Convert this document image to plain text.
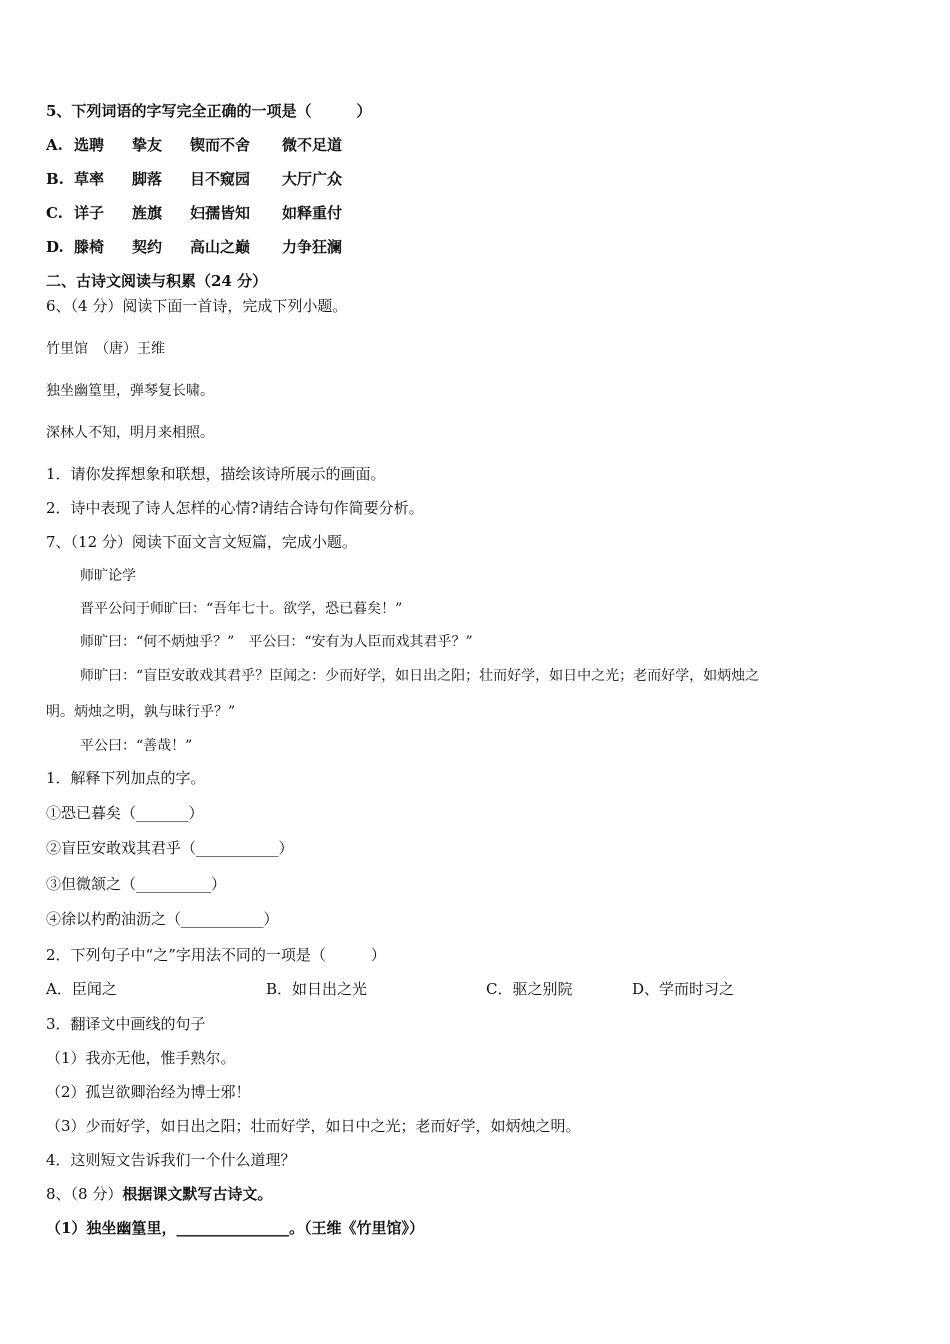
5、下列词语的字写完全正确的一项是（　　　）
A. 选聘	挚友	锲而不舍	微不足道
B. 草率	脚落	目不窥园	大厅广众
C. 详子	旌旗	妇孺皆知	如释重付
D. 滕椅	契约	高山之巅	力争狂澜
二、古诗文阅读与积累（24 分）
6、（4 分）阅读下面一首诗，完成下列小题。
竹里馆　（唐）王维
独坐幽篁里，弹琴复长啸。
深林人不知，明月来相照。
1．请你发挥想象和联想，描绘该诗所展示的画面。
2．诗中表现了诗人怎样的心情?请结合诗句作简要分析。
7、（12 分）阅读下面文言文短篇，完成小题。
师旷论学
晋平公问于师旷曰：“吾年七十。欲学，恐已暮矣！”
师旷曰：“何不炳烛乎？”　平公曰：“安有为人臣而戏其君乎？”
师旷曰：“盲臣安敢戏其君乎？臣闻之：少而好学，如日出之阳；壮而好学，如日中之光；老而好学，如炳烛之
明。炳烛之明，孰与昧行乎？”
平公曰：“善哉！”
1．解释下列加点的字。
①恐已暮矣（_______）
②盲臣安敢戏其君乎（___________）
③但微颔之（__________）
④徐以杓酌油沥之（___________）
2．下列句子中“之”字用法不同的一项是（　　　）
A．臣闻之	B．如日出之光	C．驱之别院	D、学而时习之
3．翻译文中画线的句子
（1）我亦无他，惟手熟尔。
（2）孤岂欲卿治经为博士邪！
（3）少而好学，如日出之阳；壮而好学，如日中之光；老而好学，如炳烛之明。
4．这则短文告诉我们一个什么道理？
8、（8 分）根据课文默写古诗文。
（1）独坐幽篁里，_______________。（王维《竹里馆》）
